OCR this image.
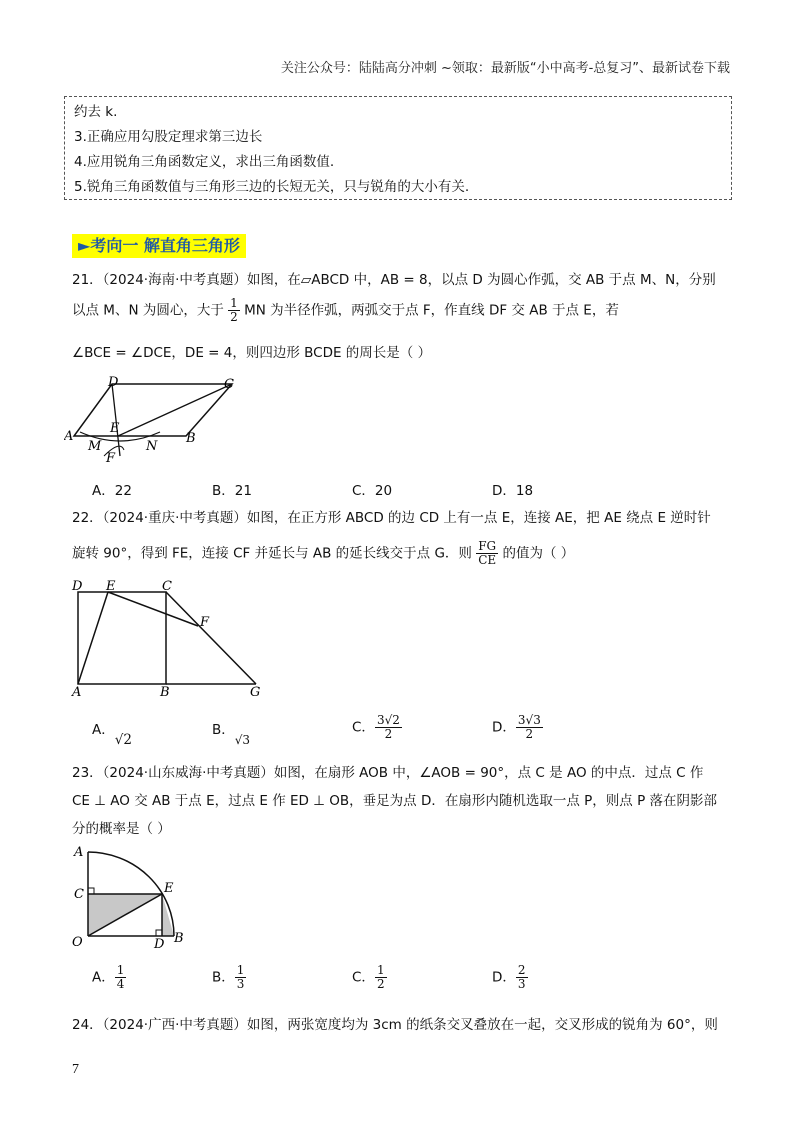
关注公众号：陆陆高分冲刺 ~领取：最新版“小中高考-总复习”、最新试卷下载
约去 k.
3.正确应用勾股定理求第三边长
4.应用锐角三角函数定义，求出三角函数值.
5.锐角三角函数值与三角形三边的长短无关，只与锐角的大小有关.
►考向一 解直角三角形
21．（2024·海南·中考真题）如图，在▱ABCD 中，AB = 8，以点 D 为圆心作弧，交 AB 于点 M、N，分别
以点 M、N 为圆心，大于 $\frac{1}{2}$ MN 为半径作弧，两弧交于点 F，作直线 DF 交 AB 于点 E，若
∠BCE = ∠DCE，DE = 4，则四边形 BCDE 的周长是（ ）
D	C
A
E
B
M	N
F
A．22	B．21	C．20	D．18
22．（2024·重庆·中考真题）如图，在正方形 ABCD 的边 CD 上有一点 E，连接 AE，把 AE 绕点 E 逆时针
旋转 90°，得到 FE，连接 CF 并延长与 AB 的延长线交于点 G．则 $\frac{FG}{CE}$ 的值为（ ）
D E	C
F
A	B	G
A．√2
B．√3
C． $\frac{3√2}{2}$	D． $\frac{3√3}{2}$
23．（2024·山东威海·中考真题）如图，在扇形 AOB 中，∠AOB = 90°，点 C 是 AO 的中点．过点 C 作
CE ⊥ AO 交 AB 于点 E，过点 E 作 ED ⊥ OB，垂足为点 D．在扇形内随机选取一点 P，则点 P 落在阴影部
分的概率是（ ）
A
C	E
O	D B
A． $\frac{1}{4}$	B． $\frac{1}{3}$	C． $\frac{1}{2}$	D． $\frac{2}{3}$
24．（2024·广西·中考真题）如图，两张宽度均为 3cm 的纸条交叉叠放在一起，交叉形成的锐角为 60°，则
7
